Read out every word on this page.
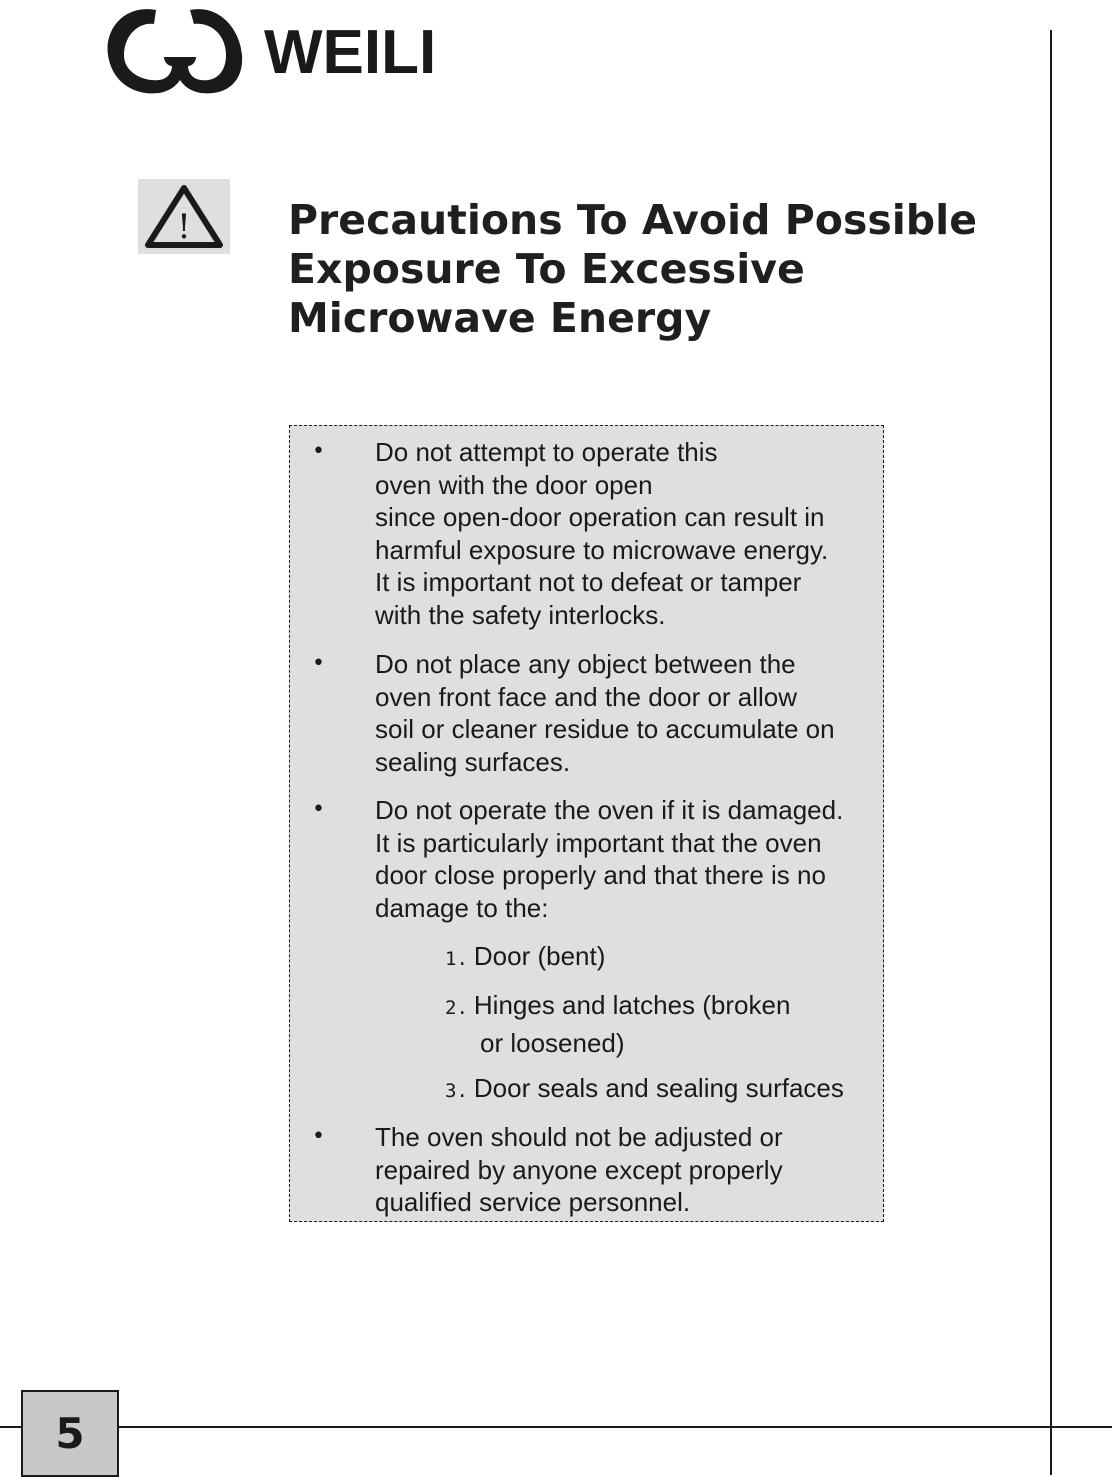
WEILI
5
! Precautions To Avoid Possible
Exposure To Excessive
Microwave Energy
• Do not attempt to operate this
oven with the door open
since open-door operation can result in
harmful exposure to microwave energy.
It is important not to defeat or tamper
with the safety interlocks.
• Do not place any object between the
oven front face and the door or allow
soil or cleaner residue to accumulate on
sealing surfaces.
• Do not operate the oven if it is damaged.
It is particularly important that the oven
door close properly and that there is no
damage to the:
1. Door (bent)
2. Hinges and latches (broken
or loosened)
3. Door seals and sealing surfaces
• The oven should not be adjusted or
repaired by anyone except properly
qualified service personnel.
